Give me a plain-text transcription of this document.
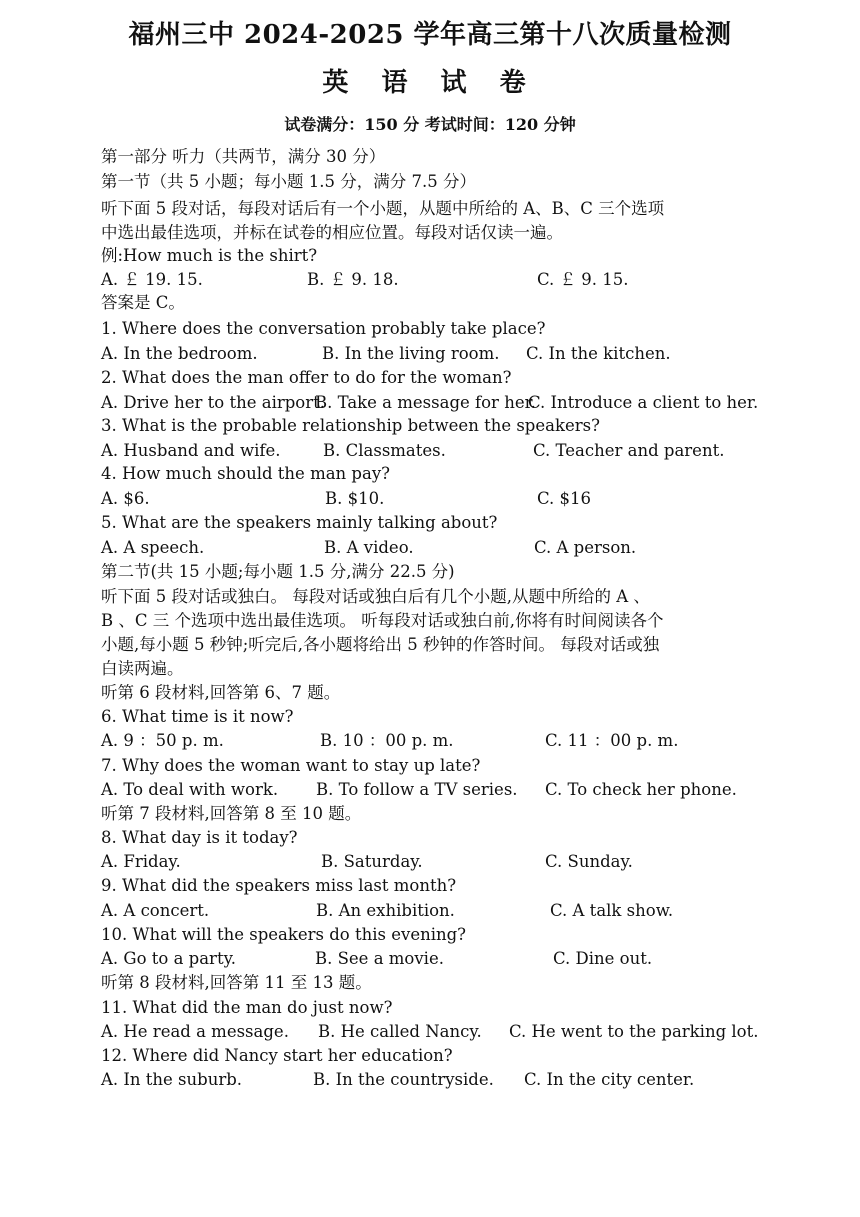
福州三中 2024-2025 学年高三第十八次质量检测
英 语 试 卷
试卷满分：150 分 考试时间：120 分钟
第一部分 听力（共两节，满分 30 分）
第一节（共 5 小题；每小题 1.5 分，满分 7.5 分）
听下面 5 段对话，每段对话后有一个小题，从题中所给的 A、B、C 三个选项
中选出最佳选项，并标在试卷的相应位置。每段对话仅读一遍。
例:How much is the shirt?
A. ￡ 19. 15.	B. ￡ 9. 18.	C. ￡ 9. 15.
答案是 C。
1. Where does the conversation probably take place?
A. In the bedroom.	B. In the living room. C. In the kitchen.
2. What does the man offer to do for the woman?
A. Drive her to the airport.
B. Take a message for her.
C. Introduce a client to her.
3. What is the probable relationship between the speakers?
A. Husband and wife.	B. Classmates.	C. Teacher and parent.
4. How much should the man pay?
A. $6.	B. $10.	C. $16
5. What are the speakers mainly talking about?
A. A speech.	B. A video.	C. A person.
第二节(共 15 小题;每小题 1.5 分,满分 22.5 分)
听下面 5 段对话或独白。 每段对话或独白后有几个小题,从题中所给的 A 、
B 、C 三 个选项中选出最佳选项。 听每段对话或独白前,你将有时间阅读各个
小题,每小题 5 秒钟;听完后,各小题将给出 5 秒钟的作答时间。 每段对话或独
白读两遍。
听第 6 段材料,回答第 6、7 题。
6. What time is it now?
A. 9 ：50 p. m.	B. 10 ：00 p. m.	C. 11 ：00 p. m.
7. Why does the woman want to stay up late?
A. To deal with work. B. To follow a TV series. C. To check her phone.
听第 7 段材料,回答第 8 至 10 题。
8. What day is it today?
A. Friday.	B. Saturday.	C. Sunday.
9. What did the speakers miss last month?
A. A concert.	B. An exhibition.	C. A talk show.
10. What will the speakers do this evening?
A. Go to a party.	B. See a movie.	C. Dine out.
听第 8 段材料,回答第 11 至 13 题。
11. What did the man do just now?
A. He read a message. B. He called Nancy. C. He went to the parking lot.
12. Where did Nancy start her education?
A. In the suburb.	B. In the countryside. C. In the city center.
